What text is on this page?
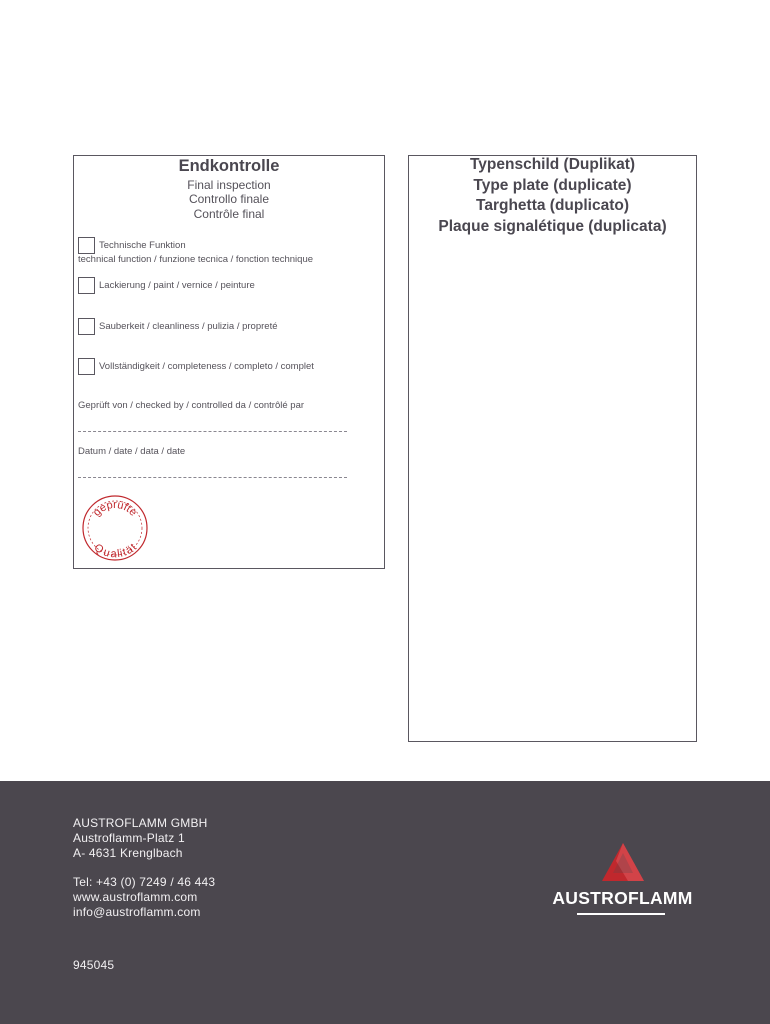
Endkontrolle
Final inspection
Controllo finale
Contrôle final
Technische Funktion
technical function / funzione tecnica / fonction technique
Lackierung / paint / vernice / peinture
Sauberkeit / cleanliness / pulizia / propreté
Vollständigkeit / completeness / completo / complet
Geprüft von / checked by / controlled da / contrôlé par
Datum / date / data / date
geprüfte
Qualität
Typenschild (Duplikat)
Type plate (duplicate)
Targhetta (duplicato)
Plaque signalétique (duplicata)
AUSTROFLAMM GMBH
Austroflamm-Platz 1
A- 4631 Krenglbach
Tel: +43 (0) 7249 / 46 443
www.austroflamm.com
info@austroflamm.com
945045
AUSTROFLAMM
